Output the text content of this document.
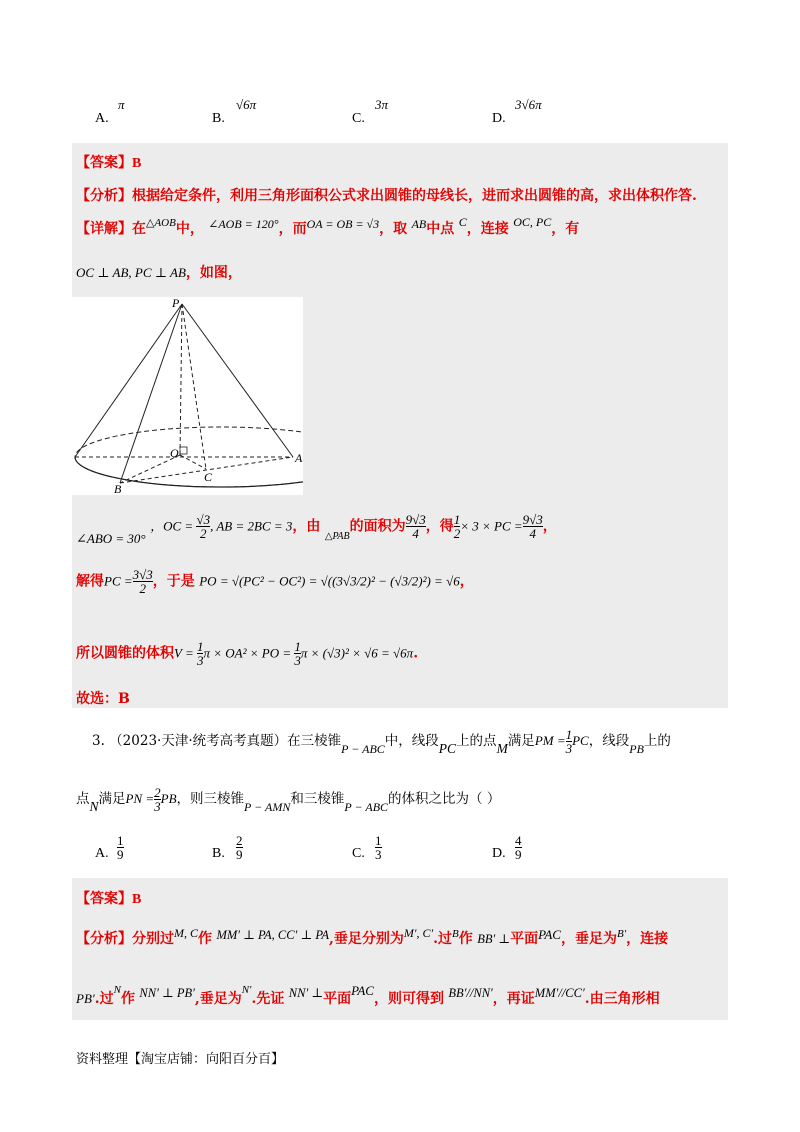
A.
π
B.
√6π
C.
3π
D.
3√6π
【答案】B
【分析】根据给定条件，利用三角形面积公式求出圆锥的母线长，进而求出圆锥的高，求出体积作答.
【详解】在$^{\triangle AOB}$中， ∠AOB = 120°，而OA = OB = √3，取 AB中点 C，连接 OC, PC，有
OC ⊥ AB, PC ⊥ AB，如图，
P
O	A
B
C
∠ABO = 30° ，OC = $\frac{√3}{2}$ , AB = 2BC = 3，由 $_{\triangle PAB}$的面积为 $\frac{9√3}{4}$ ，得 $\frac{1}{2} \times 3$ × PC = $\frac{9√3}{4}$ ，
解得PC = $\frac{3√3}{2}$ ，于是 PO = √(PC² − OC²) = √((3√3/2)² − (√3/2)²) = √6，
所以圆锥的体积$V = \frac{1}{3}$ π × OA² × PO = $\frac{1}{3}$ π × (√3)² × √6 = √6π.
故选：B
3. （2023·天津·统考高考真题）在三棱锥P − ABC中，线段PC上的点M满足PM = $\frac{1}{3}$ PC，线段PB上的
点N满足PN = $\frac{2}{3}$ PB，则三棱锥P − AMN和三棱锥P − ABC的体积之比为（ ）
A.
1
9	B.
2
9	C.
1
3	D.
4
9
【答案】B
【分析】分别过M, C作 MM′ ⊥ PA, CC′ ⊥ PA,垂足分别为M′, C′.过$^B$作 BB′ ⊥平面PAC，垂足为$^{B'}$，连接
PB′.过$^N$作 NN′ ⊥ PB′,垂足为$^{N'}$.先证 NN′ ⊥平面PAC，则可得到 BB′//NN′，再证MM′//CC′.由三角形相
资料整理【淘宝店铺：向阳百分百】
